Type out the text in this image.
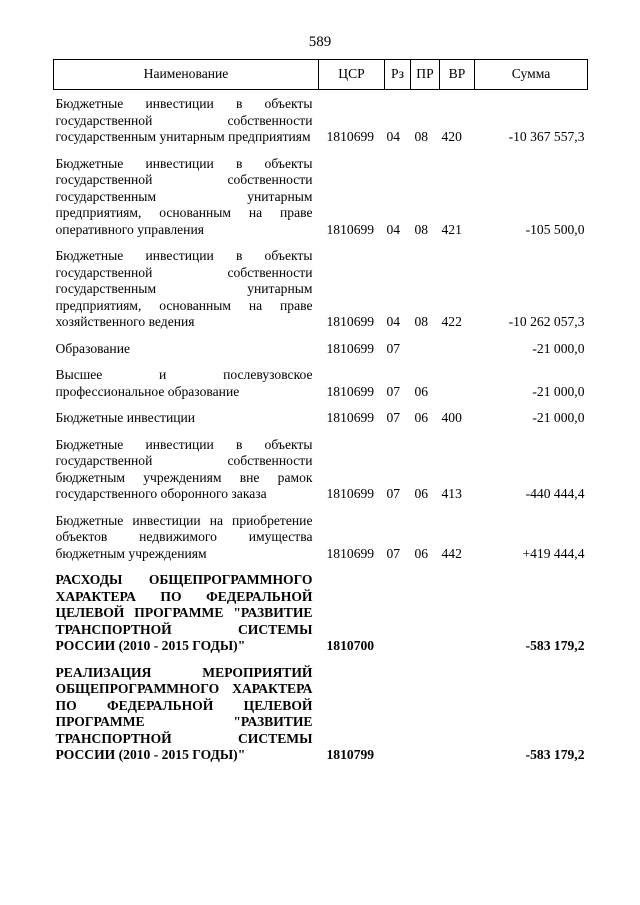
589
Наименование	ЦСР	Рз	ПР	ВР	Сумма
Бюджетные инвестиции в объекты государственной собственности государственным унитарным предприятиям	1810699	04	08	420	-10 367 557,3
Бюджетные инвестиции в объекты государственной собственности государственным унитарным предприятиям, основанным на праве оперативного управления	1810699	04	08	421	-105 500,0
Бюджетные инвестиции в объекты государственной собственности государственным унитарным предприятиям, основанным на праве хозяйственного ведения	1810699	04	08	422	-10 262 057,3
Образование	1810699	07			-21 000,0
Высшее и послевузовское профессиональное образование	1810699	07	06		-21 000,0
Бюджетные инвестиции	1810699	07	06	400	-21 000,0
Бюджетные инвестиции в объекты государственной собственности бюджетным учреждениям вне рамок государственного оборонного заказа	1810699	07	06	413	-440 444,4
Бюджетные инвестиции на приобретение объектов недвижимого имущества бюджетным учреждениям	1810699	07	06	442	+419 444,4
РАСХОДЫ ОБЩЕПРОГРАММНОГО ХАРАКТЕРА ПО ФЕДЕРАЛЬНОЙ ЦЕЛЕВОЙ ПРОГРАММЕ "РАЗВИТИЕ ТРАНСПОРТНОЙ СИСТЕМЫ РОССИИ (2010 - 2015 ГОДЫ)"	1810700				-583 179,2
РЕАЛИЗАЦИЯ МЕРОПРИЯТИЙ ОБЩЕПРОГРАММНОГО ХАРАКТЕРА ПО ФЕДЕРАЛЬНОЙ ЦЕЛЕВОЙ ПРОГРАММЕ "РАЗВИТИЕ ТРАНСПОРТНОЙ СИСТЕМЫ РОССИИ (2010 - 2015 ГОДЫ)"	1810799				-583 179,2
